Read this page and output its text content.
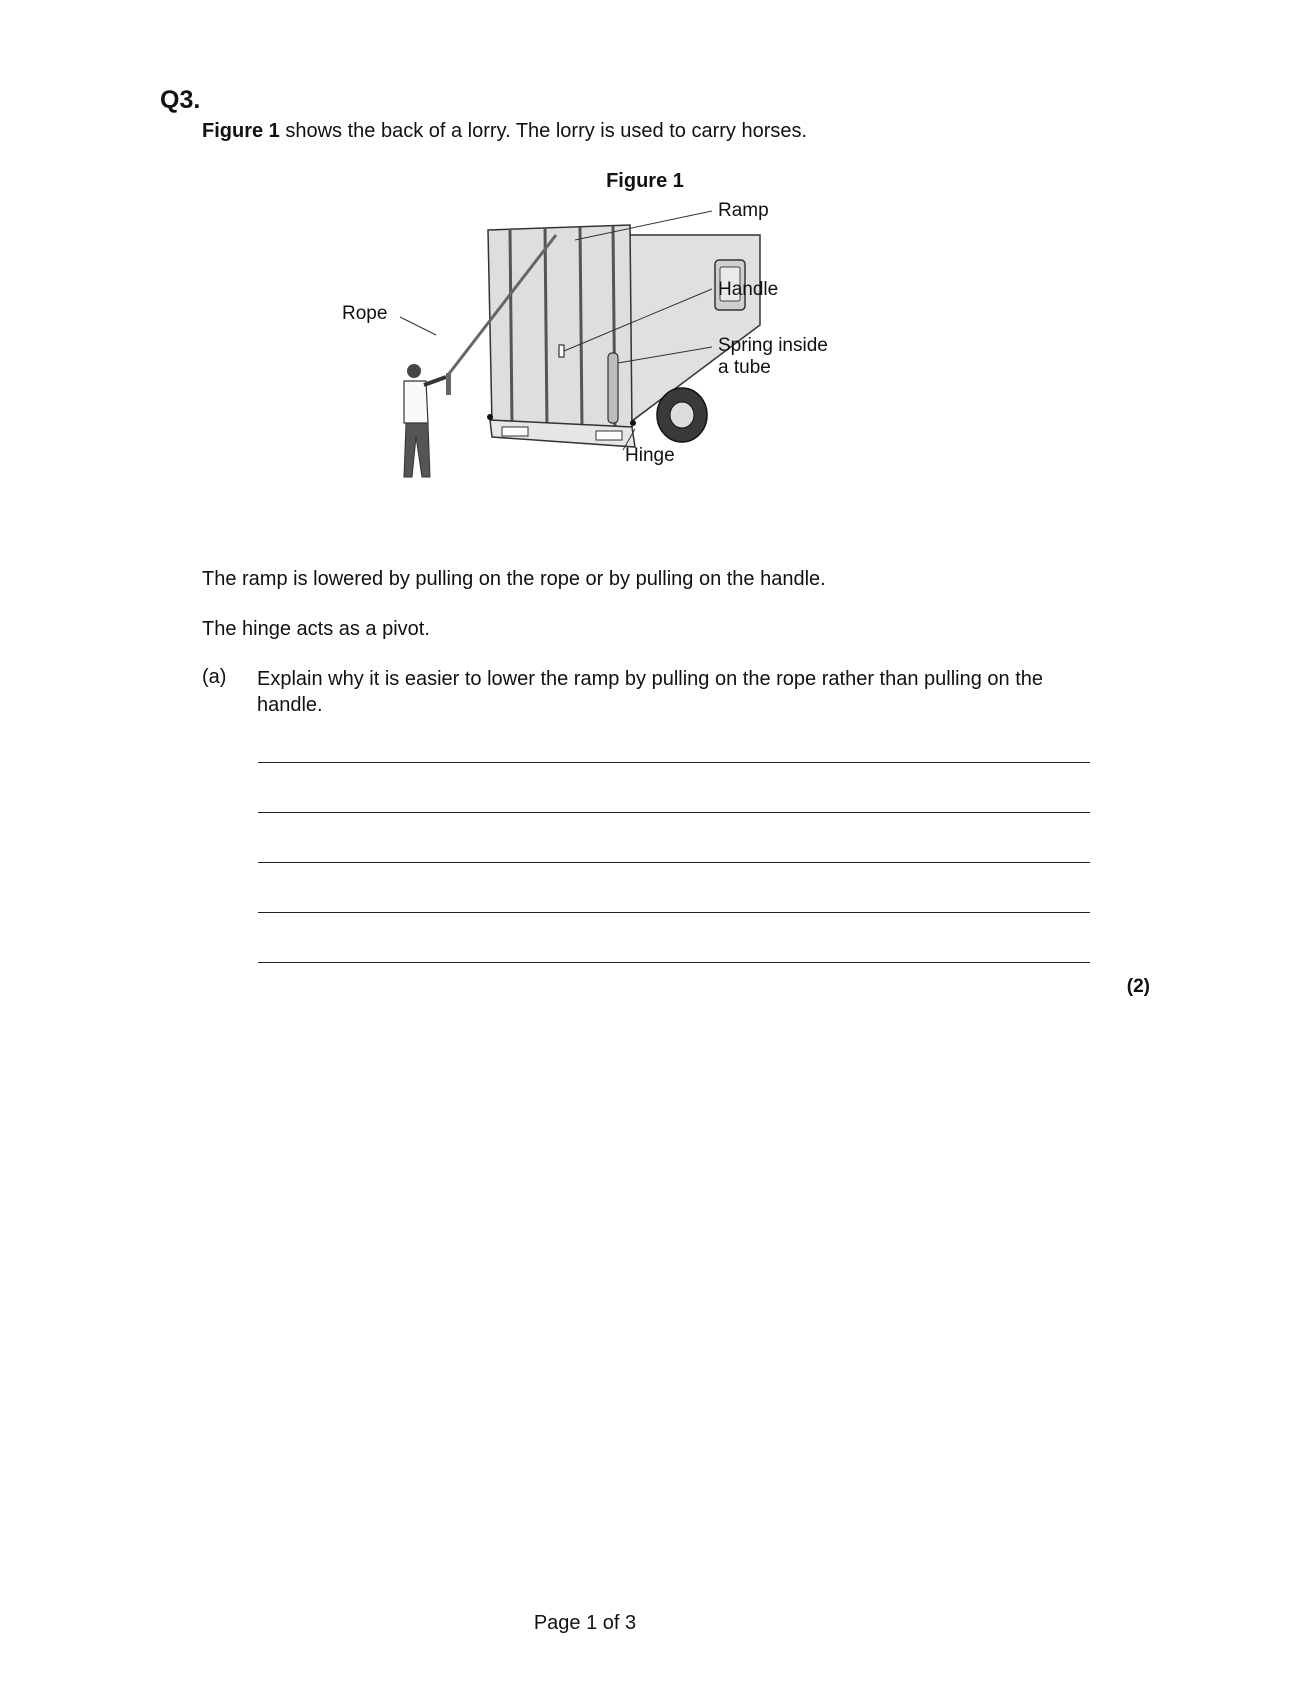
Q3.
Figure 1 shows the back of a lorry. The lorry is used to carry horses.
Figure 1
Ramp
Handle
Spring inside
a tube
Rope
Hinge
The ramp is lowered by pulling on the rope or by pulling on the handle.
The hinge acts as a pivot.
(a) Explain why it is easier to lower the ramp by pulling on the rope rather than pulling on the handle.
(2)
Page 1 of 3
